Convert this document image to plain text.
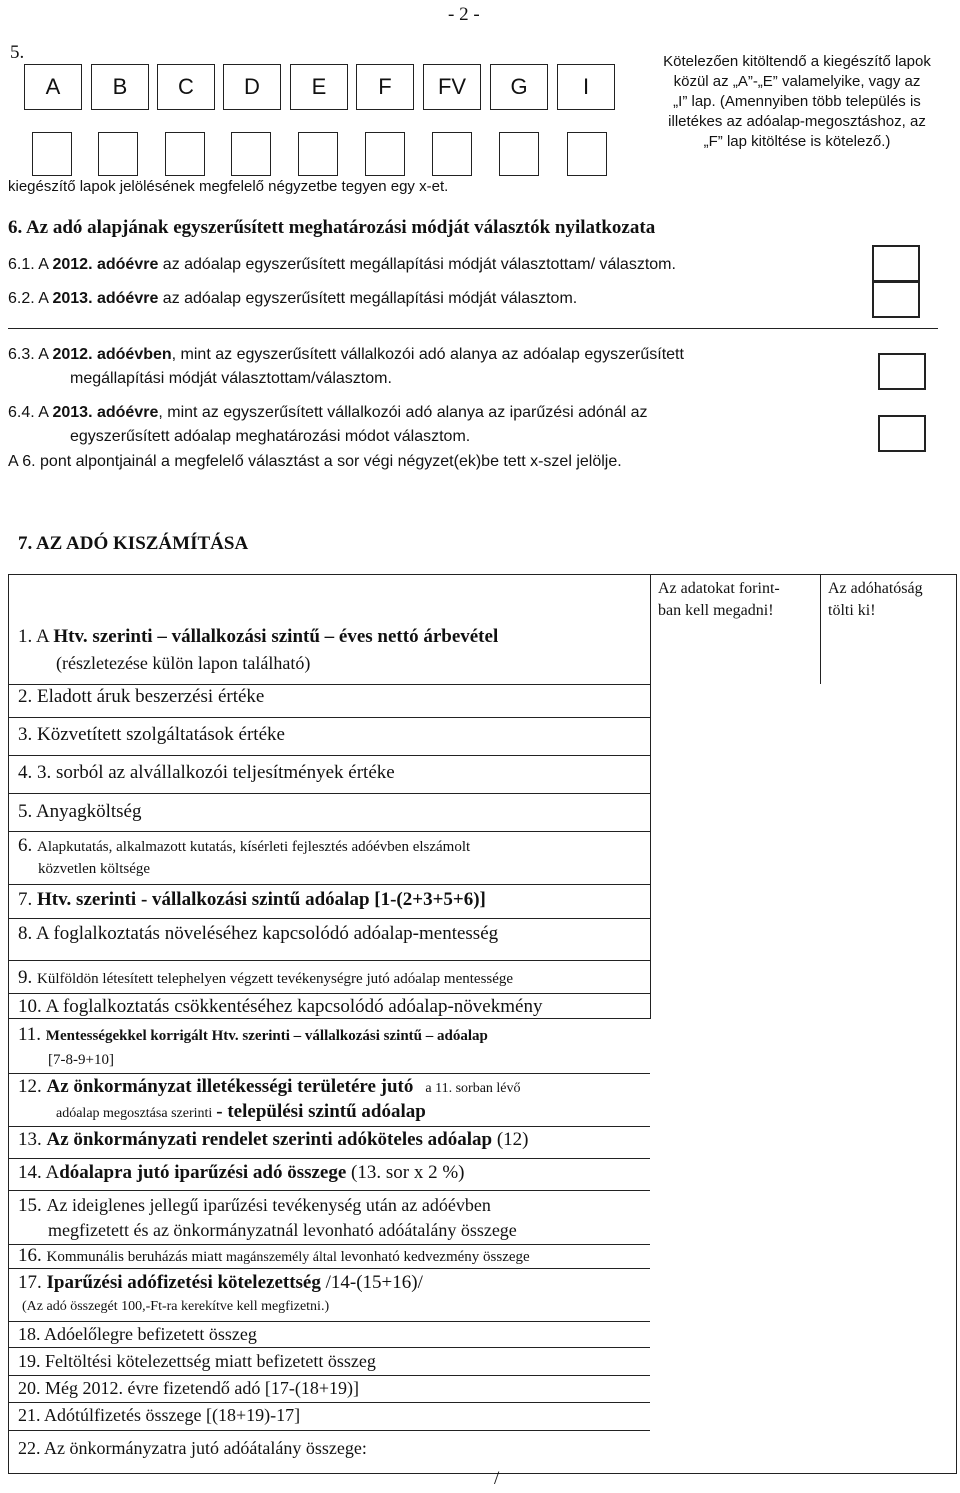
- 2 -
5.
A	B	C	D	E	F	FV	G	I
Kötelezően kitöltendő a kiegészítő lapok
közül az „A”-„E” valamelyike, vagy az
„I” lap. (Amennyiben több település is
illetékes az adóalap-megosztáshoz, az
„F” lap kitöltése is kötelező.)
kiegészítő lapok jelölésének megfelelő négyzetbe tegyen egy x-et.
6. Az adó alapjának egyszerűsített meghatározási módját választók nyilatkozata
6.1. A 2012. adóévre az adóalap egyszerűsített megállapítási módját választottam/ választom.
6.2. A 2013. adóévre az adóalap egyszerűsített megállapítási módját választom.
6.3. A 2012. adóévben, mint az egyszerűsített vállalkozói adó alanya az adóalap egyszerűsített
megállapítási módját választottam/választom.
6.4. A 2013. adóévre, mint az egyszerűsített vállalkozói adó alanya az iparűzési adónál az
egyszerűsített adóalap meghatározási módot választom.
A 6. pont alpontjainál a megfelelő választást a sor végi négyzet(ek)be tett x-szel jelölje.
7. AZ ADÓ KISZÁMÍTÁSA
Az adatokat forint-
ban kell megadni!
Az adóhatóság
tölti ki!
1. A Htv. szerinti – vállalkozási szintű – éves nettó árbevétel
(részletezése külön lapon található)
2. Eladott áruk beszerzési értéke
3. Közvetített szolgáltatások értéke
4. 3. sorból az alvállalkozói teljesítmények értéke
5. Anyagköltség
6. Alapkutatás, alkalmazott kutatás, kísérleti fejlesztés adóévben elszámolt
közvetlen költsége
7. Htv. szerinti - vállalkozási szintű adóalap [1-(2+3+5+6)]
8. A foglalkoztatás növeléséhez kapcsolódó adóalap-mentesség
9. Külföldön létesített telephelyen végzett tevékenységre jutó adóalap mentessége
10. A foglalkoztatás csökkentéséhez kapcsolódó adóalap-növekmény
11. Mentességekkel korrigált Htv. szerinti – vállalkozási szintű – adóalap
[7-8-9+10]
12. Az önkormányzat illetékességi területére jutó a 11. sorban lévő
adóalap megosztása szerinti - települési szintű adóalap
13. Az önkormányzati rendelet szerinti adóköteles adóalap (12)
14. Adóalapra jutó iparűzési adó összege (13. sor x 2 %)
15. Az ideiglenes jellegű iparűzési tevékenység után az adóévben
megfizetett és az önkormányzatnál levonható adóátalány összege
16. Kommunális beruházás miatt magánszemély által levonható kedvezmény összege
17. Iparűzési adófizetési kötelezettség /14-(15+16)/
(Az adó összegét 100,-Ft-ra kerekítve kell megfizetni.)
18. Adóelőlegre befizetett összeg
19. Feltöltési kötelezettség miatt befizetett összeg
20. Még 2012. évre fizetendő adó [17-(18+19)]
21. Adótúlfizetés összege [(18+19)-17]
22. Az önkormányzatra jutó adóátalány összege:
/
